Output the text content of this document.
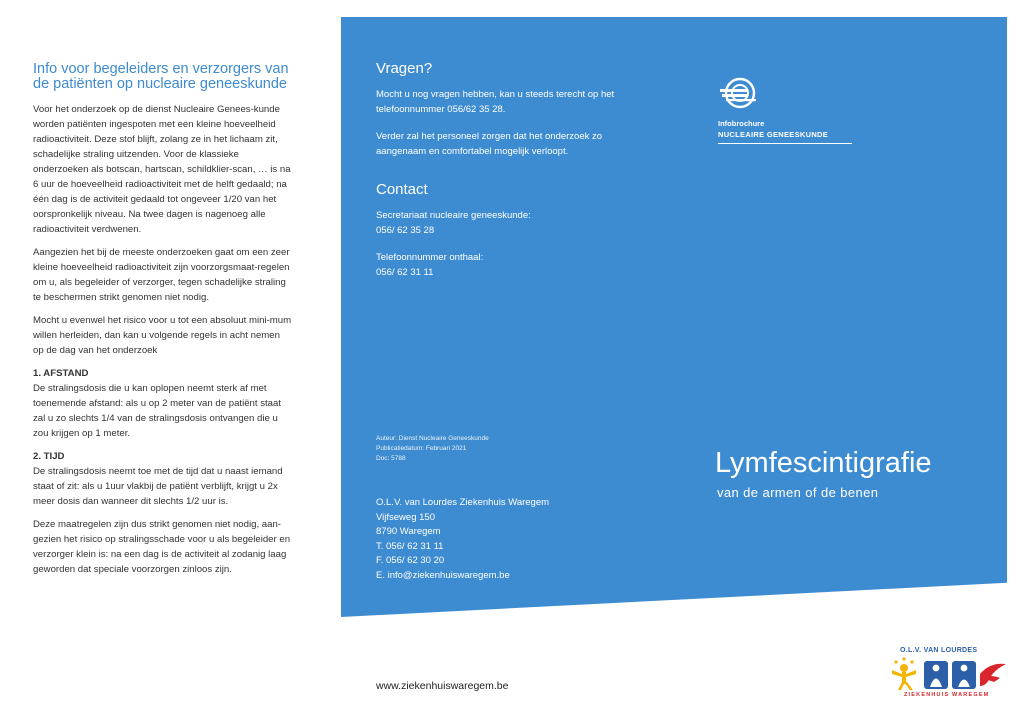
Info voor begeleiders en verzorgers van de patiënten op nucleaire geneeskunde

Voor het onderzoek op de dienst Nucleaire Genees-kunde worden patiënten ingespoten met een kleine hoeveelheid radioactiviteit. Deze stof blijft, zolang ze in het lichaam zit, schadelijke straling uitzenden. Voor de klassieke onderzoeken als botscan, hartscan, schildklier-scan, … is na 6 uur de hoeveelheid radioactiviteit met de helft gedaald; na één dag is de activiteit gedaald tot ongeveer 1/20 van het oorspronkelijk niveau. Na twee dagen is nagenoeg alle radioactiviteit verdwenen.

Aangezien het bij de meeste onderzoeken gaat om een zeer kleine hoeveelheid radioactiviteit zijn voorzorgsmaat-regelen om u, als begeleider of verzorger, tegen schadelijke straling te beschermen strikt genomen niet nodig.

Mocht u evenwel het risico voor u tot een absoluut mini-mum willen herleiden, dan kan u volgende regels in acht nemen op de dag van het onderzoek

1. AFSTAND
De stralingsdosis die u kan oplopen neemt sterk af met toenemende afstand: als u op 2 meter van de patiënt staat zal u zo slechts 1/4 van de stralingsdosis ontvangen die u zou krijgen op 1 meter.

2. TIJD
De stralingsdosis neemt toe met de tijd dat u naast iemand staat of zit: als u 1uur vlakbij de patiënt verblijft, krijgt u 2x meer dosis dan wanneer dit slechts 1/2 uur is.

Deze maatregelen zijn dus strikt genomen niet nodig, aan-gezien het risico op stralingsschade voor u als begeleider en verzorger klein is: na een dag is de activiteit al zodanig laag geworden dat speciale voorzorgen zinloos zijn.

Vragen?

Mocht u nog vragen hebben, kan u steeds terecht op het telefoonnummer 056/62 35 28.

Verder zal het personeel zorgen dat het onderzoek zo aangenaam en comfortabel mogelijk verloopt.

Contact

Secretariaat nucleaire geneeskunde:
056/ 62 35 28

Telefoonnummer onthaal:
056/ 62 31 11

Auteur: Dienst Nucleaire Geneeskunde
Publicatiedatum: Februari 2021
Doc: 5788
O.L.V. van Lourdes Ziekenhuis Waregem
Vijfseweg 150
8790 Waregem
T. 056/ 62 31 11
F. 056/ 62 30 20
E. info@ziekenhuiswaregem.be
Infobrochure
NUCLEAIRE GENEESKUNDE
Lymfescintigrafie
van de armen of de benen
www.ziekenhuiswaregem.be
O.L.V. VAN LOURDES
ZIEKENHUIS WAREGEM
